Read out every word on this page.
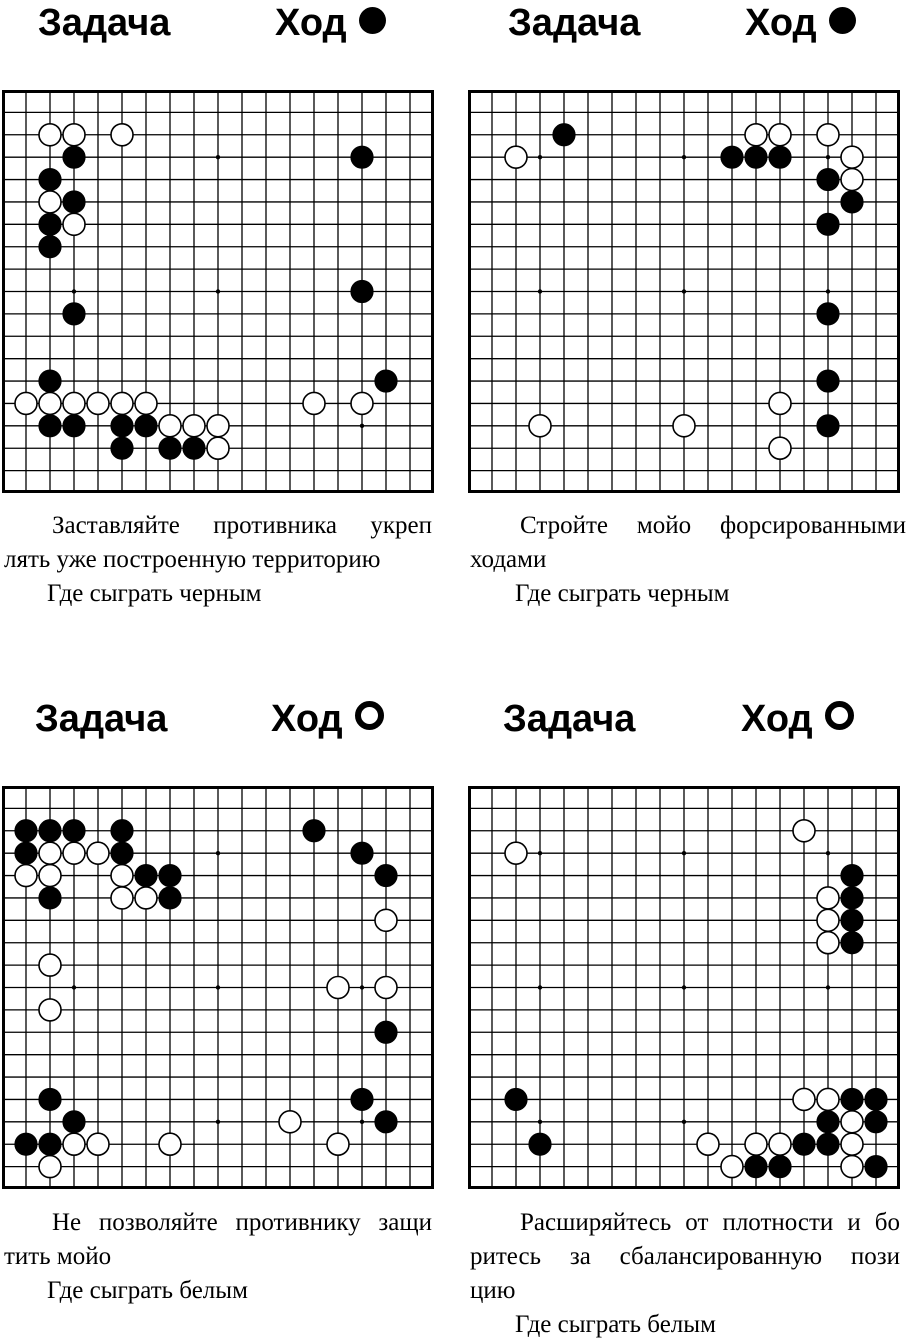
Задача	Ход
Заставляйте противника укреп
лять уже построенную территорию
Где сыграть черным
Задача	Ход
Стройте мойо форсированными
ходами
Где сыграть черным
Задача	Ход
Не позволяйте противнику защи
тить мойо
Где сыграть белым
Задача	Ход
Расширяйтесь от плотности и бо
ритесь за сбалансированную пози
цию
Где сыграть белым
